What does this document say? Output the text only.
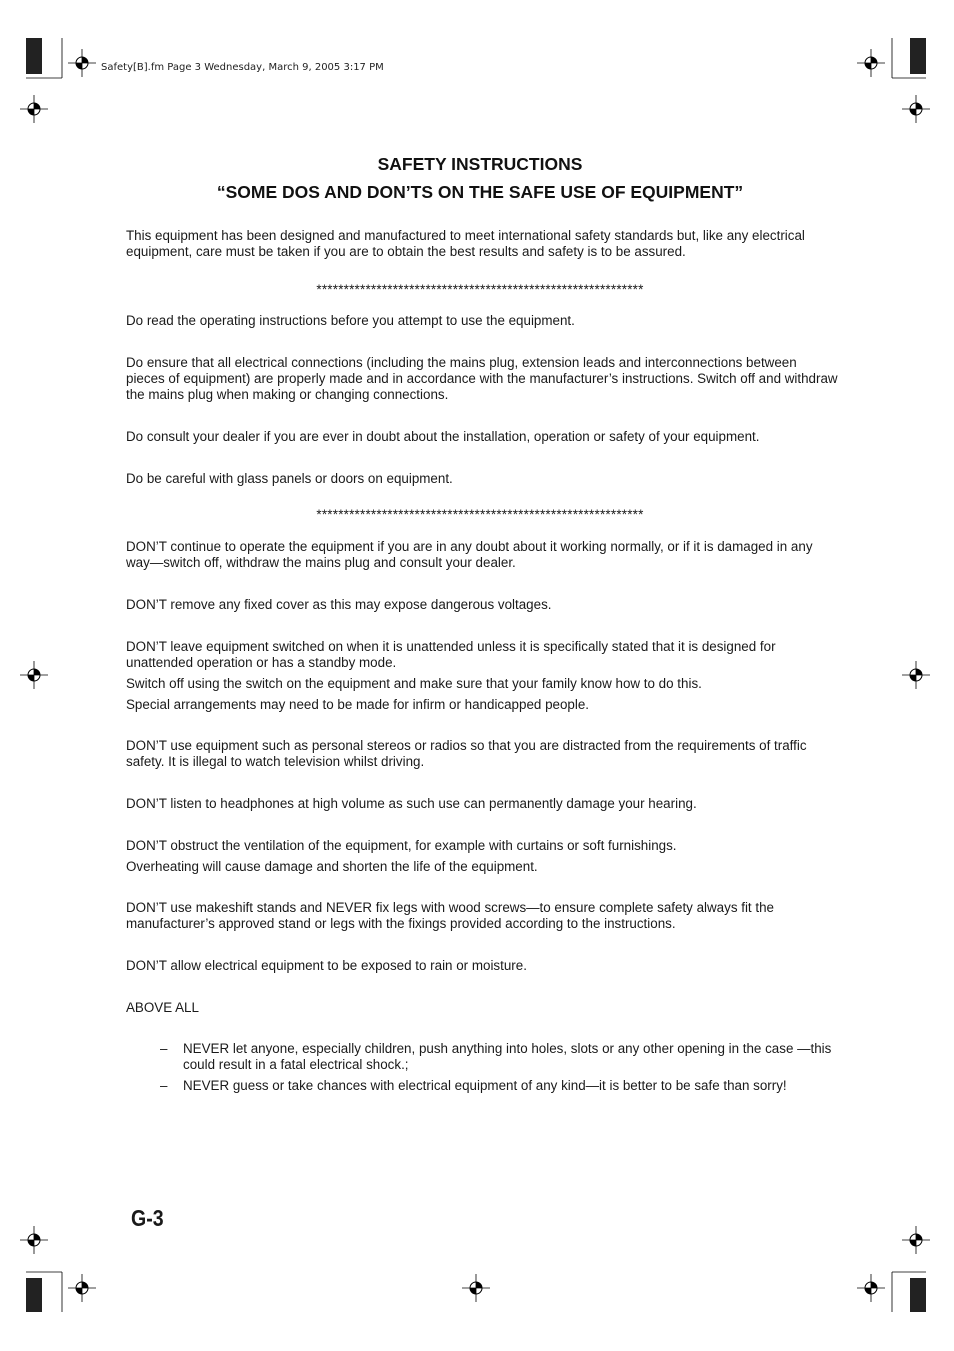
Safety[B].fm Page 3 Wednesday, March 9, 2005 3:17 PM
SAFETY INSTRUCTIONS
“SOME DOS AND DON’TS ON THE SAFE USE OF EQUIPMENT”
This equipment has been designed and manufactured to meet international safety standards but, like any electrical equipment, care must be taken if you are to obtain the best results and safety is to be assured.
************************************************************
Do read the operating instructions before you attempt to use the equipment.
Do ensure that all electrical connections (including the mains plug, extension leads and interconnections between pieces of equipment) are properly made and in accordance with the manufacturer’s instructions. Switch off and withdraw the mains plug when making or changing connections.
Do consult your dealer if you are ever in doubt about the installation, operation or safety of your equipment.
Do be careful with glass panels or doors on equipment.
************************************************************
DON’T continue to operate the equipment if you are in any doubt about it working normally, or if it is damaged in any way—switch off, withdraw the mains plug and consult your dealer.
DON’T remove any fixed cover as this may expose dangerous voltages.
DON’T leave equipment switched on when it is unattended unless it is specifically stated that it is designed for unattended operation or has a standby mode.
Switch off using the switch on the equipment and make sure that your family know how to do this.
Special arrangements may need to be made for infirm or handicapped people.
DON’T use equipment such as personal stereos or radios so that you are distracted from the requirements of traffic safety. It is illegal to watch television whilst driving.
DON’T listen to headphones at high volume as such use can permanently damage your hearing.
DON’T obstruct the ventilation of the equipment, for example with curtains or soft furnishings.
Overheating will cause damage and shorten the life of the equipment.
DON’T use makeshift stands and NEVER fix legs with wood screws—to ensure complete safety always fit the manufacturer’s approved stand or legs with the fixings provided according to the instructions.
DON’T allow electrical equipment to be exposed to rain or moisture.
ABOVE ALL
– NEVER let anyone, especially children, push anything into holes, slots or any other opening in the case —this could result in a fatal electrical shock.;
– NEVER guess or take chances with electrical equipment of any kind—it is better to be safe than sorry!
G-3
